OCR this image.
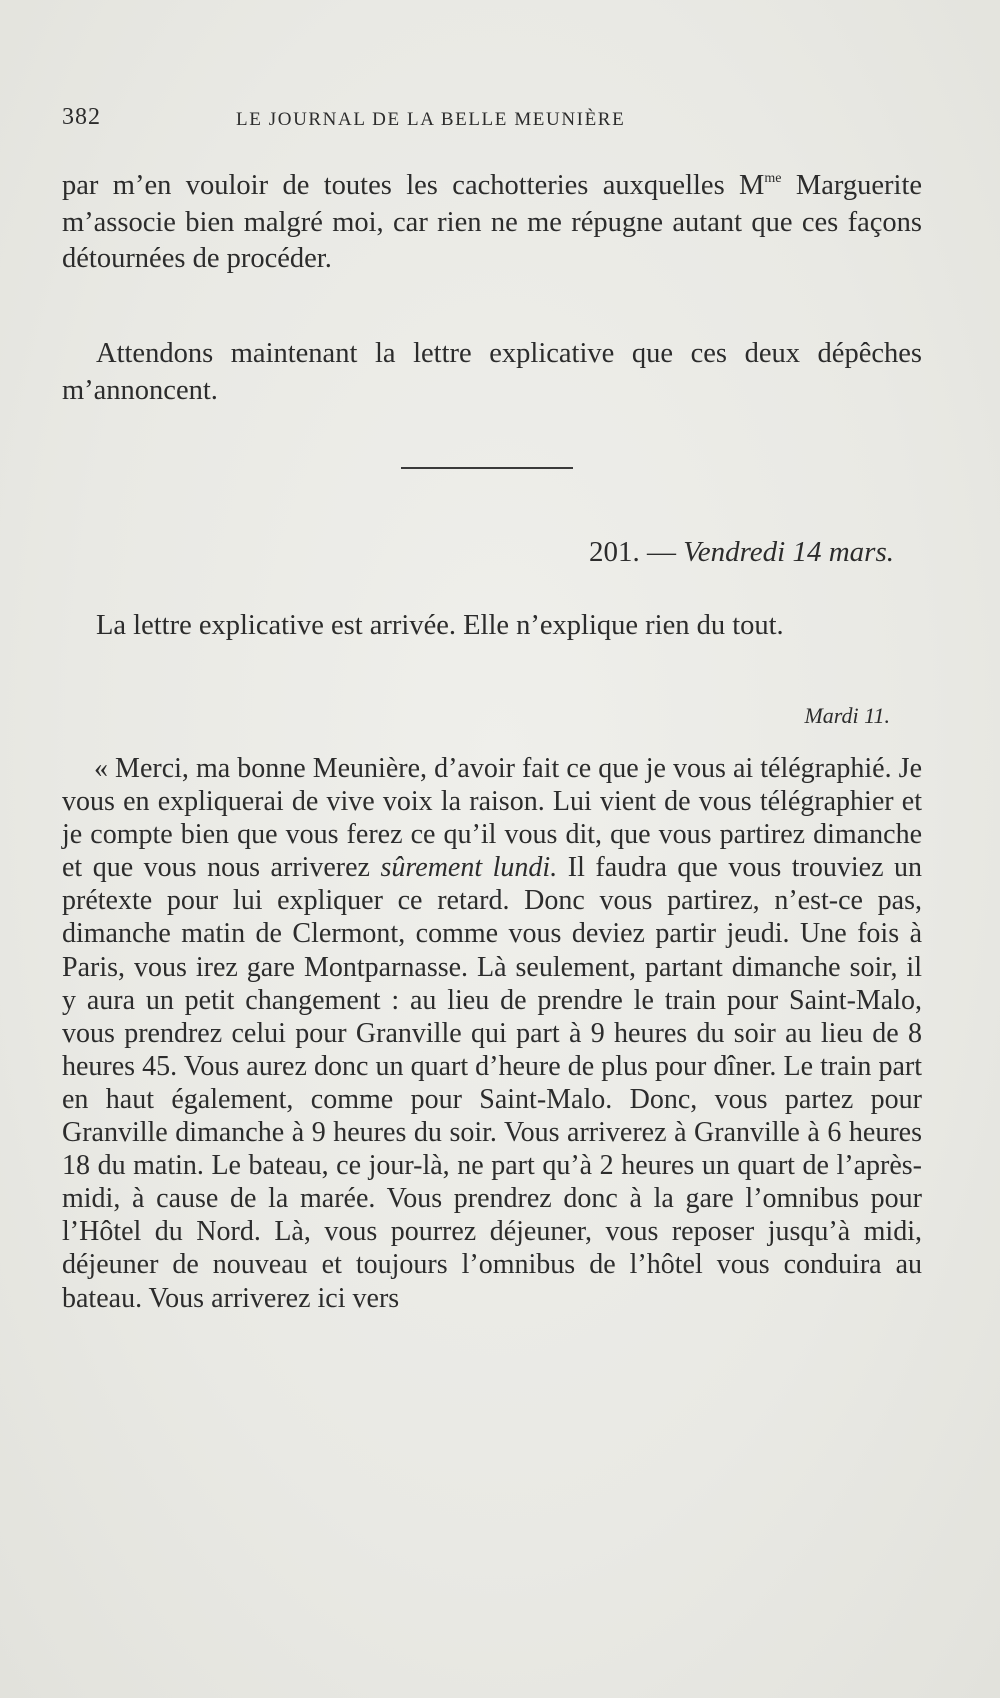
382	LE JOURNAL DE LA BELLE MEUNIÈRE

par m’en vouloir de toutes les cachotteries auxquelles $M^{me}$ Marguerite m’associe bien malgré moi, car rien ne me répugne autant que ces façons détournées de procéder.

Attendons maintenant la lettre explicative que ces deux dépêches m’annoncent.

201. — Vendredi 14 mars.

La lettre explicative est arrivée. Elle n’explique rien du tout.

Mardi 11.

« Merci, ma bonne Meunière, d’avoir fait ce que je vous ai télégraphié. Je vous en expliquerai de vive voix la raison. Lui vient de vous télégraphier et je compte bien que vous ferez ce qu’il vous dit, que vous partirez dimanche et que vous nous arriverez sûrement lundi. Il faudra que vous trouviez un prétexte pour lui expliquer ce retard. Donc vous partirez, n’est-ce pas, dimanche matin de Clermont, comme vous deviez partir jeudi. Une fois à Paris, vous irez gare Montparnasse. Là seulement, partant dimanche soir, il y aura un petit changement : au lieu de prendre le train pour Saint-Malo, vous prendrez celui pour Granville qui part à 9 heures du soir au lieu de 8 heures 45. Vous aurez donc un quart d’heure de plus pour dîner. Le train part en haut également, comme pour Saint-Malo. Donc, vous partez pour Granville dimanche à 9 heures du soir. Vous arriverez à Granville à 6 heures 18 du matin. Le bateau, ce jour-là, ne part qu’à 2 heures un quart de l’après-midi, à cause de la marée. Vous prendrez donc à la gare l’omnibus pour l’Hôtel du Nord. Là, vous pourrez déjeuner, vous reposer jusqu’à midi, déjeuner de nouveau et toujours l’omnibus de l’hôtel vous conduira au bateau. Vous arriverez ici vers
